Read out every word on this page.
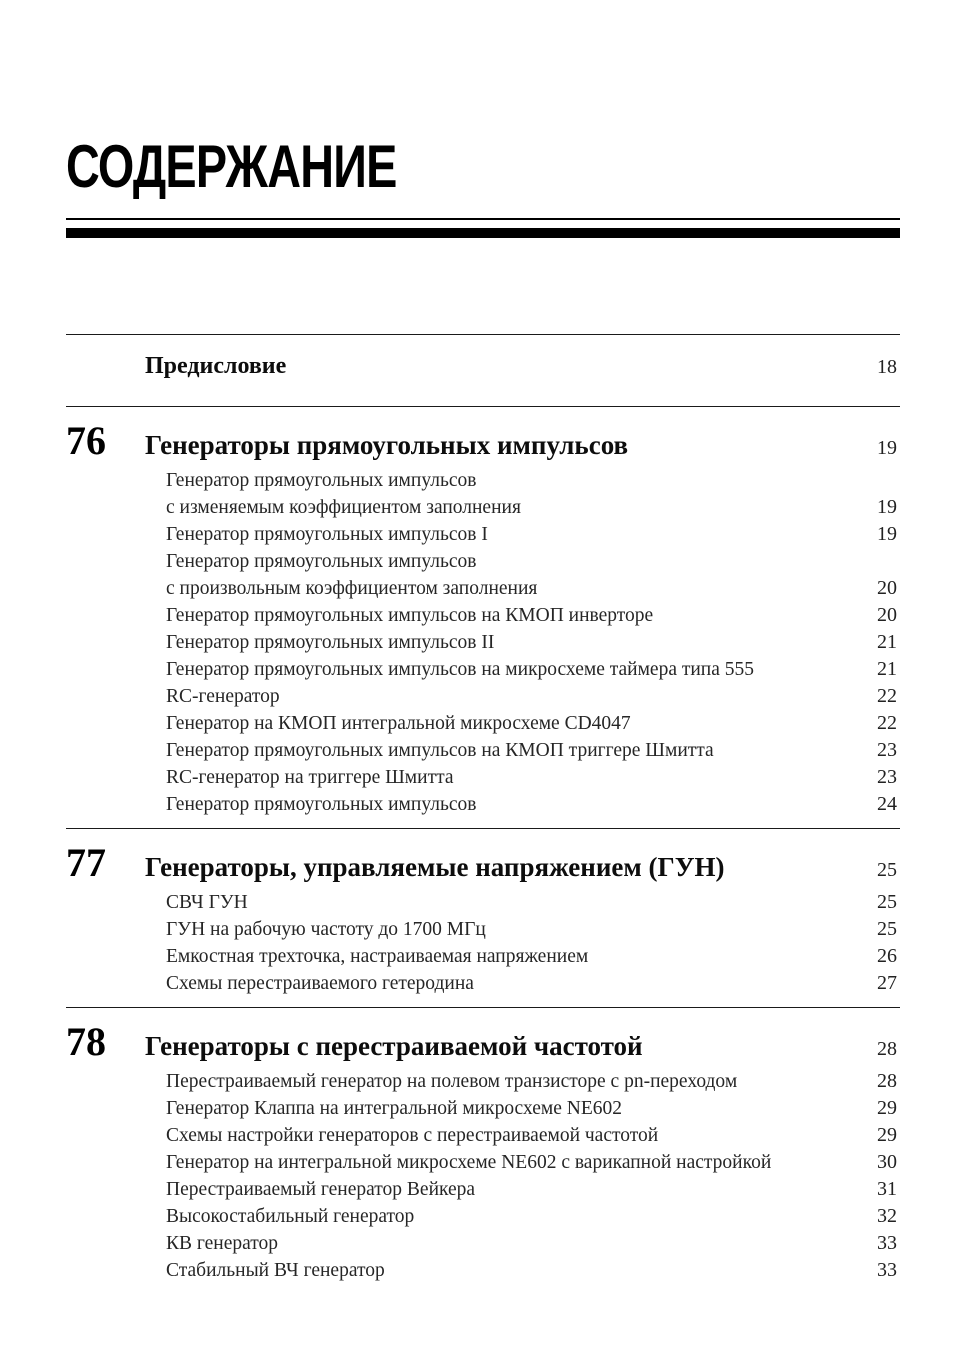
СОДЕРЖАНИЕ
Предисловие	18
76	Генераторы прямоугольных импульсов	19
Генератор прямоугольных импульсов
с изменяемым коэффициентом заполнения	19
Генератор прямоугольных импульсов I	19
Генератор прямоугольных импульсов
с произвольным коэффициентом заполнения	20
Генератор прямоугольных импульсов на КМОП инверторе	20
Генератор прямоугольных импульсов II	21
Генератор прямоугольных импульсов на микросхеме таймера типа 555	21
RC-генератор	22
Генератор на КМОП интегральной микросхеме CD4047	22
Генератор прямоугольных импульсов на КМОП триггере Шмитта	23
RC-генератор на триггере Шмитта	23
Генератор прямоугольных импульсов	24
77	Генераторы, управляемые напряжением (ГУН)	25
СВЧ ГУН	25
ГУН на рабочую частоту до 1700 МГц	25
Емкостная трехточка, настраиваемая напряжением	26
Схемы перестраиваемого гетеродина	27
78	Генераторы с перестраиваемой частотой	28
Перестраиваемый генератор на полевом транзисторе с pn-переходом	28
Генератор Клаппа на интегральной микросхеме NE602	29
Схемы настройки генераторов с перестраиваемой частотой	29
Генератор на интегральной микросхеме NE602 с варикапной настройкой	30
Перестраиваемый генератор Вейкера	31
Высокостабильный генератор	32
КВ генератор	33
Стабильный ВЧ генератор	33
